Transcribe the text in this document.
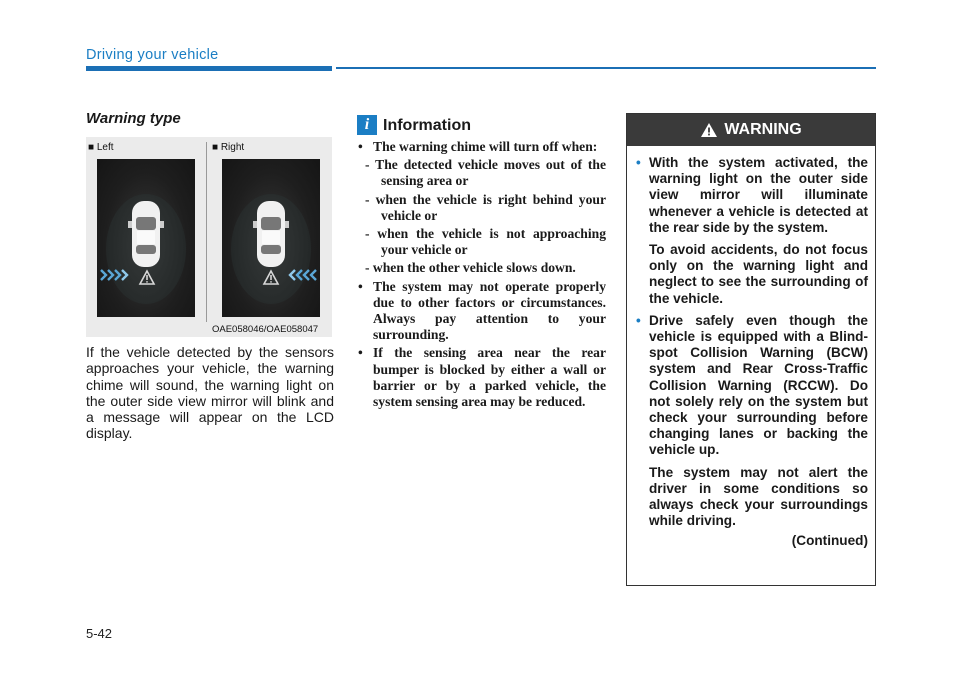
Driving your vehicle
Warning type
■ Left	■ Right
OAE058046/OAE058047
If the vehicle detected by the sensors approaches your vehicle, the warning chime will sound, the warning light on the outer side view mirror will blink and a message will appear on the LCD display.
i Information
• The warning chime will turn off when:
- The detected vehicle moves out of the sensing area or
- when the vehicle is right behind your vehicle or
- when the vehicle is not approaching your vehicle or
- when the other vehicle slows down.
• The system may not operate properly due to other factors or circumstances. Always pay attention to your surrounding.
• If the sensing area near the rear bumper is blocked by either a wall or barrier or by a parked vehicle, the system sensing area may be reduced.
WARNING
• With the system activated, the warning light on the outer side view mirror will illuminate whenever a vehicle is detected at the rear side by the system.
To avoid accidents, do not focus only on the warning light and neglect to see the surrounding of the vehicle.
• Drive safely even though the vehicle is equipped with a Blind-spot Collision Warning (BCW) system and Rear Cross-Traffic Collision Warning (RCCW). Do not solely rely on the system but check your surrounding before changing lanes or backing the vehicle up.
The system may not alert the driver in some conditions so always check your surroundings while driving.
(Continued)
5-42
